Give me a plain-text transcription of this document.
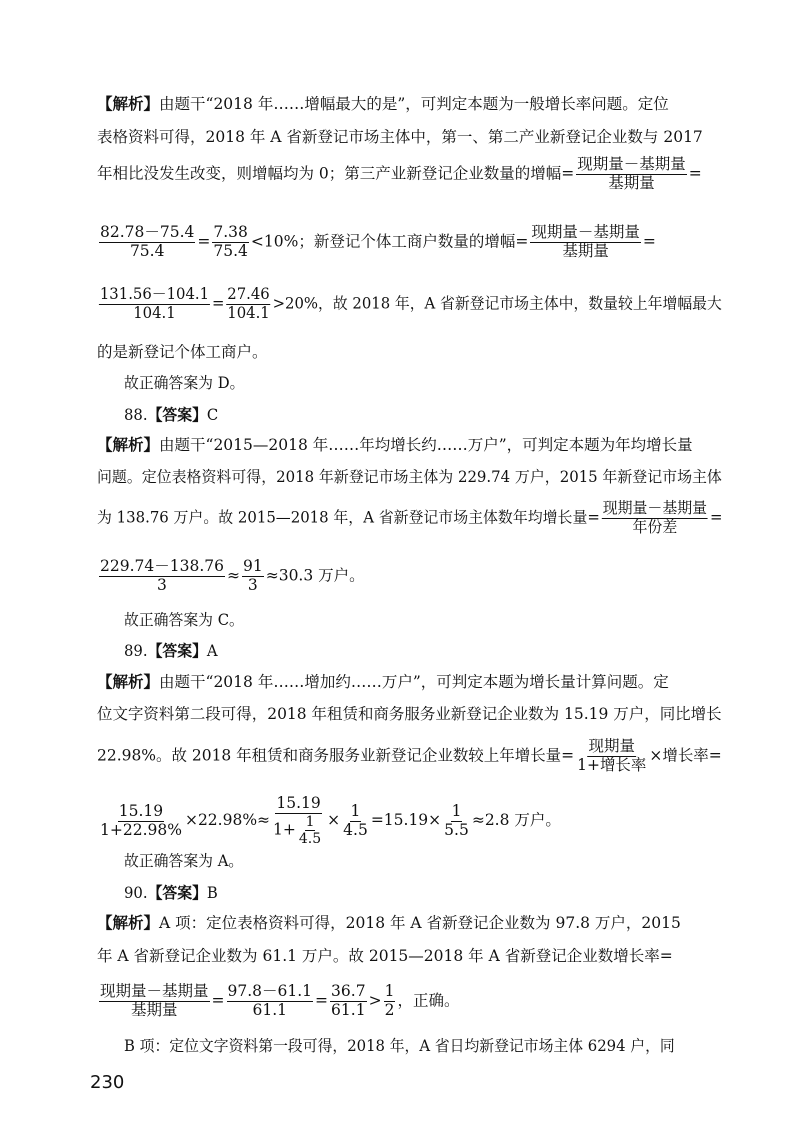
【解析】由题干“2018 年……增幅最大的是”，可判定本题为一般增长率问题。定位
表格资料可得，2018 年 A 省新登记市场主体中，第一、第二产业新登记企业数与 2017
年相比没发生改变，则增幅均为 0；第三产业新登记企业数量的增幅=
现期量－基期量
基期量
=
$\frac{82.78-75.4}{75.4} = \frac{7.38}{75.4} <10\%$；新登记个体工商户数量的增幅=
现期量－基期量
基期量
=
$\frac{131.56-104.1}{104.1} = \frac{27.46}{104.1} >20\%$，故 2018 年，A 省新登记市场主体中，数量较上年增幅最大
的是新登记个体工商户。
故正确答案为 D。
88.【答案】C
【解析】由题干“2015—2018 年……年均增长约……万户”，可判定本题为年均增长量
问题。定位表格资料可得，2018 年新登记市场主体为 229.74 万户，2015 年新登记市场主体
为 138.76 万户。故 2015—2018 年，A 省新登记市场主体数年均增长量=
现期量－基期量
年份差
=
$\frac{229.74-138.76}{3} \approx \frac{91}{3} \approx 30.3$ 万户。
故正确答案为 C。
89.【答案】A
【解析】由题干“2018 年……增加约……万户”，可判定本题为增长量计算问题。定
位文字资料第二段可得，2018 年租赁和商务服务业新登记企业数为 15.19 万户，同比增长
22.98%。故 2018 年租赁和商务服务业新登记企业数较上年增长量=
现期量
1+增长率
×增长率=
$\frac{15.19}{1+22.98\%} \times 22.98\%\approx \frac{15.19}{1+ \frac{1}{4.5}} \times \frac{1}{4.5} =15.19\times \frac{1}{5.5} \approx 2.8$ 万户。
故正确答案为 A。
90.【答案】B
【解析】A 项：定位表格资料可得，2018 年 A 省新登记企业数为 97.8 万户，2015
年 A 省新登记企业数为 61.1 万户。故 2015—2018 年 A 省新登记企业数增长率=
现期量－基期量
基期量
= $\frac{97.8-61.1}{61.1} = \frac{36.7}{61.1} > \frac{1}{2}$ ，正确。
B 项：定位文字资料第一段可得，2018 年，A 省日均新登记市场主体 6294 户，同
230
